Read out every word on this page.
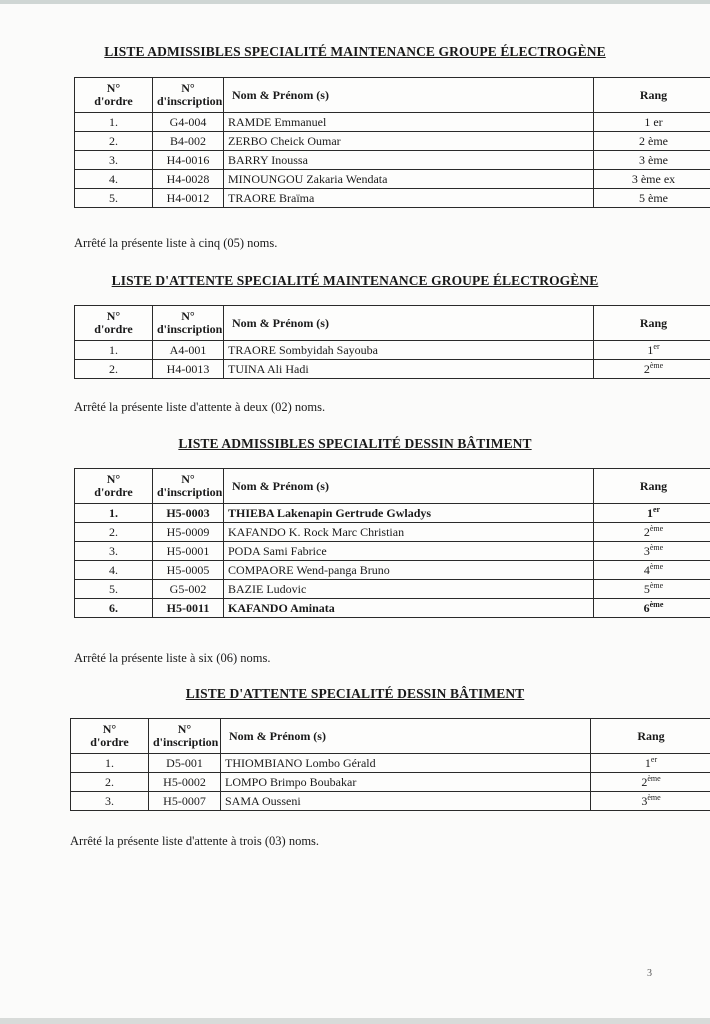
LISTE ADMISSIBLES SPECIALITÉ MAINTENANCE GROUPE ÉLECTROGÈNE
N°
d'ordre	N°
d'inscription	Nom & Prénom (s)	Rang
1.	G4-004	RAMDE Emmanuel	1 er
2.	B4-002	ZERBO Cheick Oumar	2 ème
3.	H4-0016	BARRY Inoussa	3 ème
4.	H4-0028	MINOUNGOU Zakaria Wendata	3 ème ex
5.	H4-0012	TRAORE Braïma	5 ème

Arrêté la présente liste à cinq (05) noms.

LISTE D'ATTENTE SPECIALITÉ MAINTENANCE GROUPE ÉLECTROGÈNE
N°
d'ordre	N°
d'inscription	Nom & Prénom (s)	Rang
1.	A4-001	TRAORE Sombyidah Sayouba	1er
2.	H4-0013	TUINA Ali Hadi	2ème

Arrêté la présente liste d'attente à deux (02) noms.

LISTE ADMISSIBLES SPECIALITÉ DESSIN BÂTIMENT
N°
d'ordre	N°
d'inscription	Nom & Prénom (s)	Rang
1.	H5-0003	THIEBA Lakenapin Gertrude Gwladys	1er
2.	H5-0009	KAFANDO K. Rock Marc Christian	2ème
3.	H5-0001	PODA Sami Fabrice	3ème
4.	H5-0005	COMPAORE Wend-panga Bruno	4ème
5.	G5-002	BAZIE Ludovic	5ème
6.	H5-0011	KAFANDO Aminata	6ème

Arrêté la présente liste à six (06) noms.

LISTE D'ATTENTE SPECIALITÉ DESSIN BÂTIMENT
N°
d'ordre	N°
d'inscription	Nom & Prénom (s)	Rang
1.	D5-001	THIOMBIANO Lombo Gérald	1er
2.	H5-0002	LOMPO Brimpo Boubakar	2ème
3.	H5-0007	SAMA Ousseni	3ème

Arrêté la présente liste d'attente à trois (03) noms.

3
